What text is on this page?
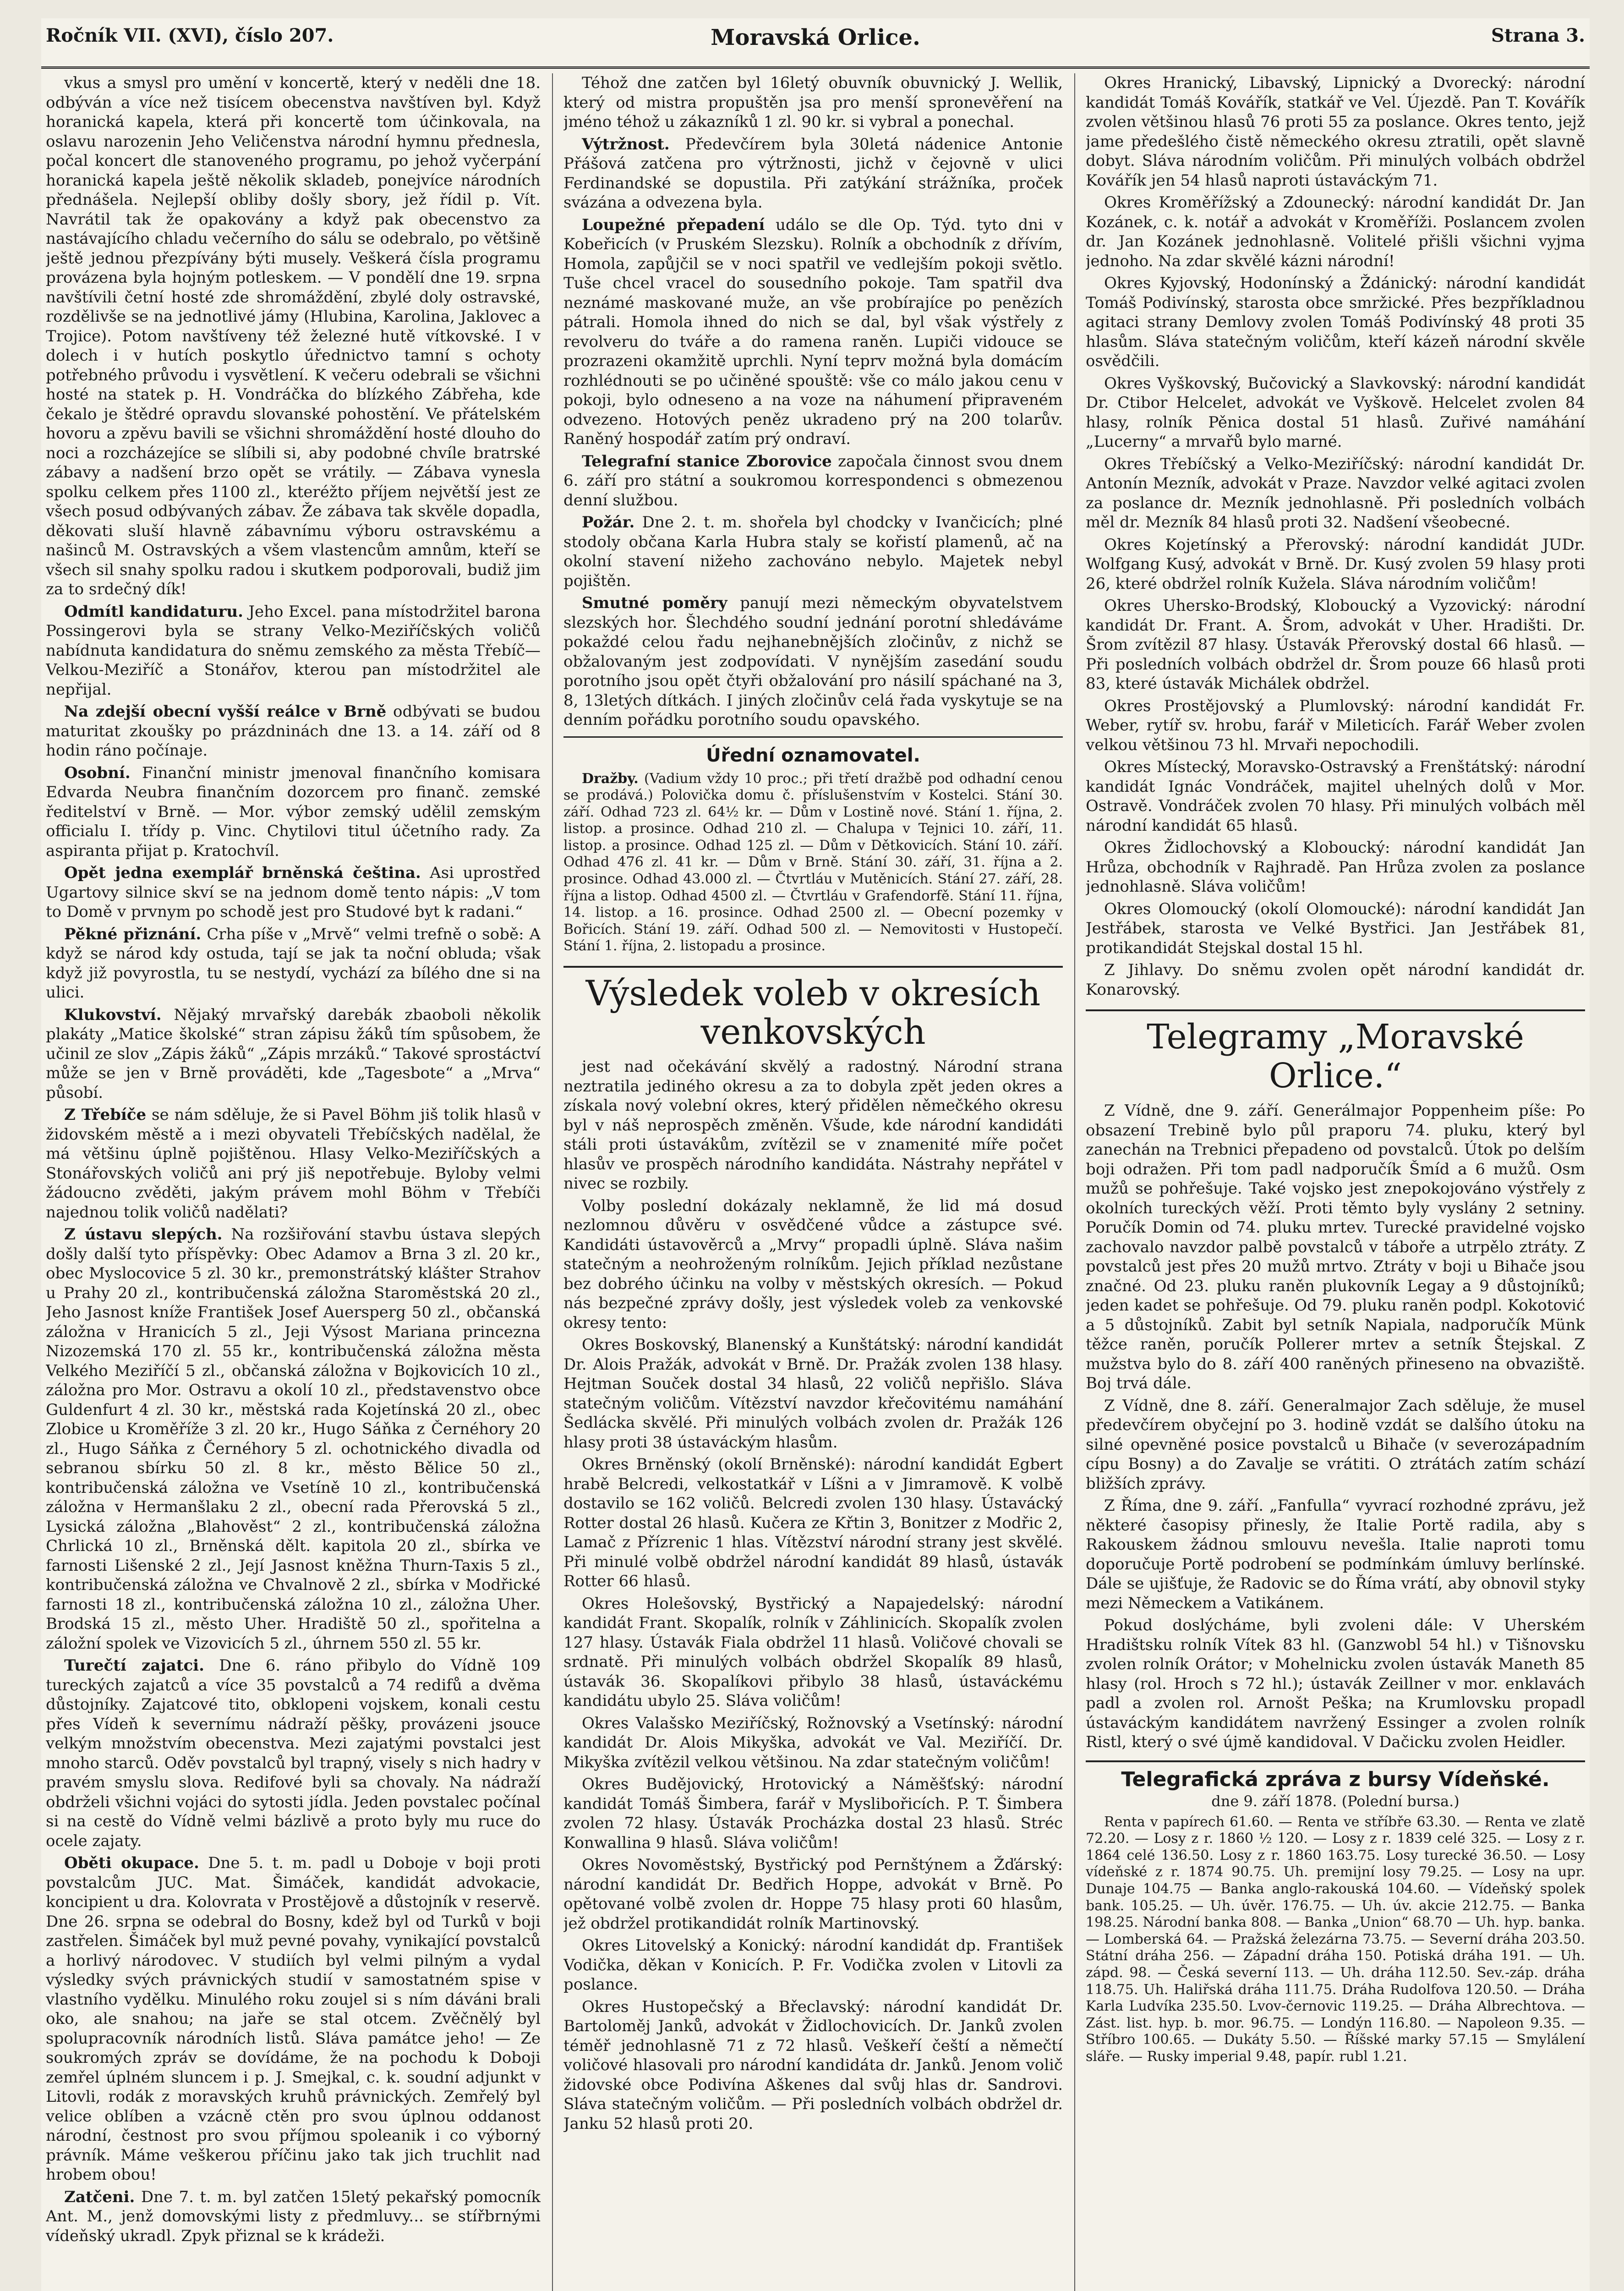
Ročník VII. (XVI), číslo 207.	Moravská Orlice.	Strana 3.

vkus a smysl pro umění v koncertě, který v neděli dne 18. odbýván a více než tisícem obecenstva navštíven byl. Když horanická kapela, která při koncertě tom účinkovala, na oslavu narozenin Jeho Veličenstva národní hymnu přednesla, počal koncert dle stanoveného programu, po jehož vyčerpání horanická kapela ještě několik skladeb, ponejvíce národních přednášela. Nejlepší obliby došly sbory, jež řídil p. Vít. Navrátil tak že opakovány a když pak obecenstvo za nastávajícího chladu večerního do sálu se odebralo, po většině ještě jednou přezpívány býti musely. Veškerá čísla programu provázena byla hojným potleskem. — V pondělí dne 19. srpna navštívili četní hosté zde shromáždění, zbylé doly ostravské, rozdělivše se na jednotlivé jámy (Hlubina, Karolina, Jaklovec a Trojice). Potom navštíveny též železné hutě vítkovské. I v dolech i v hutích poskytlo úřednictvo tamní s ochoty potřebného průvodu i vysvětlení. K večeru odebrali se všichni hosté na statek p. H. Vondráčka do blízkého Zábřeha, kde čekalo je štědré opravdu slovanské pohostění. Ve přátelském hovoru a zpěvu bavili se všichni shromáždění hosté dlouho do noci a rozcházejíce se slíbili si, aby podobné chvíle bratrské zábavy a nadšení brzo opět se vrátily. — Zábava vynesla spolku celkem přes 1100 zl., kteréžto příjem největší jest ze všech posud odbývaných zábav. Že zábava tak skvěle dopadla, děkovati sluší hlavně zábavnímu výboru ostravskému a našinců M. Ostravských a všem vlastencům amnům, kteří se všech sil snahy spolku radou i skutkem podporovali, budiž jim za to srdečný dík!

Odmítl kandidaturu. Jeho Excel. pana místodržitel barona Possingerovi byla se strany Velko-Meziříčských voličů nabídnuta kandidatura do sněmu zemského za města Třebíč—Velkou-Meziříč a Stonářov, kterou pan místodržitel ale nepřijal.

Na zdejší obecní vyšší reálce v Brně odbývati se budou maturitat zkoušky po prázdninách dne 13. a 14. září od 8 hodin ráno počínaje.

Osobní. Finanční ministr jmenoval finančního komisara Edvarda Neubra finančním dozorcem pro finanč. zemské ředitelství v Brně. — Mor. výbor zemský udělil zemským officialu I. třídy p. Vinc. Chytilovi titul účetního rady. Za aspiranta přijat p. Kratochvíl.

Opět jedna exemplář brněnská čeština. Asi uprostřed Ugartovy silnice skví se na jednom domě tento nápis: „V tom to Domě v prvnym po schodě jest pro Studové byt k radani.“

Pěkné přiznání. Crha píše v „Mrvě“ velmi trefně o sobě: A když se národ kdy ostuda, tají se jak ta noční obluda; však když již povyrostla, tu se nestydí, vychází za bílého dne si na ulici.

Klukovství. Nějaký mrvařský darebák zbaoboli několik plakáty „Matice školské“ stran zápisu žáků tím spůsobem, že učinil ze slov „Zápis žáků“ „Zápis mrzáků.“ Takové sprostáctví může se jen v Brně prováděti, kde „Tagesbote“ a „Mrva“ působí.

Z Třebíče se nám sděluje, že si Pavel Böhm jiš tolik hlasů v židovském městě a i mezi obyvateli Třebíčských nadělal, že má většinu úplně pojištěnou. Hlasy Velko-Meziříčských a Stonářovských voličů ani prý jiš nepotřebuje. Byloby velmi žádoucno zvěděti, jakým právem mohl Böhm v Třebíči najednou tolik voličů nadělati?

Z ústavu slepých. Na rozšiřování stavbu ústava slepých došly další tyto příspěvky: Obec Adamov a Brna 3 zl. 20 kr., obec Myslocovice 5 zl. 30 kr., premonstrátský klášter Strahov u Prahy 20 zl., kontribučenská záložna Staroměstská 20 zl., Jeho Jasnost kníže František Josef Auersperg 50 zl., občanská záložna v Hranicích 5 zl., Jeji Výsost Mariana princezna Nizozemská 170 zl. 55 kr., kontribučenská záložna města Velkého Meziříčí 5 zl., občanská záložna v Bojkovicích 10 zl., záložna pro Mor. Ostravu a okolí 10 zl., představenstvo obce Guldenfurt 4 zl. 30 kr., městská rada Kojetínská 20 zl., obec Zlobice u Kroměříže 3 zl. 20 kr., Hugo Sáňka z Černéhory 20 zl., Hugo Sáňka z Černéhory 5 zl. ochotnického divadla od sebranou sbírku 50 zl. 8 kr., město Bělice 50 zl., kontribučenská záložna ve Vsetíně 10 zl., kontribučenská záložna v Hermanšlaku 2 zl., obecní rada Přerovská 5 zl., Lysická záložna „Blahověst“ 2 zl., kontribučenská záložna Chrlická 10 zl., Brněnská dělt. kapitola 20 zl., sbírka ve farnosti Lišenské 2 zl., Její Jasnost kněžna Thurn-Taxis 5 zl., kontribučenská záložna ve Chvalnově 2 zl., sbírka v Modřické farnosti 18 zl., kontribučenská záložna 10 zl., záložna Uher. Brodská 15 zl., město Uher. Hradiště 50 zl., spořitelna a záložní spolek ve Vizovicích 5 zl., úhrnem 550 zl. 55 kr.

Turečtí zajatci. Dne 6. ráno přibylo do Vídně 109 tureckých zajatců a více 35 povstalců a 74 redifů a dvěma důstojníky. Zajatcové tito, obklopeni vojskem, konali cestu přes Vídeň k severnímu nádraží pěšky, provázeni jsouce velkým množstvím obecenstva. Mezi zajatými povstalci jest mnoho starců. Oděv povstalců byl trapný, visely s nich hadry v pravém smyslu slova. Redifové byli sa chovaly. Na nádraží obdrželi všichni vojáci do sytosti jídla. Jeden povstalec počínal si na cestě do Vídně velmi bázlivě a proto byly mu ruce do ocele zajaty.

Oběti okupace. Dne 5. t. m. padl u Doboje v boji proti povstalcům JUC. Mat. Šimáček, kandidát advokacie, koncipient u dra. Kolovrata v Prostějově a důstojník v reservě. Dne 26. srpna se odebral do Bosny, kdež byl od Turků v boji zastřelen. Šimáček byl muž pevné povahy, vynikající povstalců a horlivý národovec. V studiích byl velmi pilným a vydal výsledky svých právnických studií v samostatném spise v vlastního vydělku. Minulého roku zoujel si s ním dáváni brali oko, ale snahou; na jaře se stal otcem. Zvěčnělý byl spolupracovník národních listů. Sláva památce jeho! — Ze soukromých zpráv se dovídáme, že na pochodu k Doboji zemřel úplném sluncem i p. J. Smejkal, c. k. soudní adjunkt v Litovli, rodák z moravských kruhů právnických. Zemřelý byl velice oblíben a vzácně ctěn pro svou úplnou oddanost národní, čestnost pro svou příjmou spoleanik i co výborný právník. Máme veškerou příčinu jako tak jich truchlit nad hrobem obou!

Zatčeni. Dne 7. t. m. byl zatčen 15letý pekařský pomocník Ant. M., jenž domovskými listy z předmluvy... se stířbrnými vídeňský ukradl. Zpyk přiznal se k krádeži.

Téhož dne zatčen byl 16letý obuvník obuvnický J. Wellik, který od mistra propuštěn jsa pro menší spronevěření na jméno téhož u zákazníků 1 zl. 90 kr. si vybral a ponechal.

Výtržnost. Předevčírem byla 30letá nádenice Antonie Přášová zatčena pro výtržnosti, jichž v čejovně v ulici Ferdinandské se dopustila. Při zatýkání strážníka, proček svázána a odvezena byla.

Loupežné přepadení událo se dle Op. Týd. tyto dni v Kobeřicích (v Pruském Slezsku). Rolník a obchodník z dřívím, Homola, zapůjčil se v noci spatřil ve vedlejším pokoji světlo. Tuše chcel vracel do sousedního pokoje. Tam spatřil dva neznámé maskované muže, an vše probírajíce po penězích pátrali. Homola ihned do nich se dal, byl však výstřely z revolveru do tváře a do ramena raněn. Lupiči vidouce se prozrazeni okamžitě uprchli. Nyní teprv možná byla domácím rozhlédnouti se po učiněné spouště: vše co málo jakou cenu v pokoji, bylo odneseno a na voze na náhumení připraveném odvezeno. Hotových peněz ukradeno prý na 200 tolarův. Raněný hospodář zatím prý ondraví.

Telegrafní stanice Zborovice započala činnost svou dnem 6. září pro státní a soukromou korrespondenci s obmezenou denní službou.

Požár. Dne 2. t. m. shořela byl chodcky v Ivančicích; plné stodoly občana Karla Hubra staly se kořistí plamenů, ač na okolní stavení nižeho zachováno nebylo. Majetek nebyl pojištěn.

Smutné poměry panují mezi německým obyvatelstvem slezských hor. Šlechdého soudní jednání porotní shledáváme pokaždé celou řadu nejhanebnějších zločinův, z nichž se obžalovaným jest zodpovídati. V nynějším zasedání soudu porotního jsou opět čtyři obžalování pro násilí spáchané na 3, 8, 13letých dítkách. I jiných zločinův celá řada vyskytuje se na denním pořádku porotního soudu opavského.

Úřední oznamovatel.

Dražby. (Vadium vždy 10 proc.; při třetí dražbě pod odhadní cenou se prodává.) Polovička domu č. příslušenstvím v Kostelci. Stání 30. září. Odhad 723 zl. 64½ kr. — Dům v Lostině nové. Stání 1. října, 2. listop. a prosince. Odhad 210 zl. — Chalupa v Tejnici 10. září, 11. listop. a prosince. Odhad 125 zl. — Dům v Dětkovicích. Stání 10. září. Odhad 476 zl. 41 kr. — Dům v Brně. Stání 30. září, 31. října a 2. prosince. Odhad 43.000 zl. — Čtvrtláu v Mutěnicích. Stání 27. září, 28. října a listop. Odhad 4500 zl. — Čtvrtláu v Grafendorfě. Stání 11. října, 14. listop. a 16. prosince. Odhad 2500 zl. — Obecní pozemky v Bořicích. Stání 19. září. Odhad 500 zl. — Nemovitosti v Hustopečí. Stání 1. října, 2. listopadu a prosince.

Výsledek voleb v okresích venkovských

jest nad očekávání skvělý a radostný. Národní strana neztratila jediného okresu a za to dobyla zpět jeden okres a získala nový volební okres, který přidělen němečkého okresu byl v náš neprospěch změněn. Všude, kde národní kandidáti stáli proti ústavákům, zvítězil se v znamenité míře počet hlasův ve prospěch národního kandidáta. Nástrahy nepřátel v nivec se rozbily.

Volby poslední dokázaly neklamně, že lid má dosud nezlomnou důvěru v osvědčené vůdce a zástupce své. Kandidáti ústavověrců a „Mrvy“ propadli úplně. Sláva našim statečným a neohroženým rolníkům. Jejich příklad nezůstane bez dobrého účinku na volby v městských okresích. — Pokud nás bezpečné zprávy došly, jest výsledek voleb za venkovské okresy tento:

Okres Boskovský, Blanenský a Kunštátský: národní kandidát Dr. Alois Pražák, advokát v Brně. Dr. Pražák zvolen 138 hlasy. Hejtman Souček dostal 34 hlasů, 22 voličů nepřišlo. Sláva statečným voličům. Vítězství navzdor křečovitému namáhání Šedlácka skvělé. Při minulých volbách zvolen dr. Pražák 126 hlasy proti 38 ústaváckým hlasům.

Okres Brněnský (okolí Brněnské): národní kandidát Egbert hrabě Belcredi, velkostatkář v Líšni a v Jimramově. K volbě dostavilo se 162 voličů. Belcredi zvolen 130 hlasy. Ústavácký Rotter dostal 26 hlasů. Kučera ze Křtin 3, Bonitzer z Modřic 2, Lamač z Přízrenic 1 hlas. Vítězství národní strany jest skvělé. Při minulé volbě obdržel národní kandidát 89 hlasů, ústavák Rotter 66 hlasů.

Okres Holešovský, Bystřický a Napajedelský: národní kandidát Frant. Skopalík, rolník v Záhlinicích. Skopalík zvolen 127 hlasy. Ústavák Fiala obdržel 11 hlasů. Voličové chovali se srdnatě. Při minulých volbách obdržel Skopalík 89 hlasů, ústavák 36. Skopalíkovi přibylo 38 hlasů, ústaváckému kandidátu ubylo 25. Sláva voličům!

Okres Valašsko Meziříčský, Rožnovský a Vsetínský: národní kandidát Dr. Alois Mikyška, advokát ve Val. Meziříčí. Dr. Mikyška zvítězil velkou většinou. Na zdar statečným voličům!

Okres Budějovický, Hrotovický a Náměšťský: národní kandidát Tomáš Šimbera, farář v Myslibořicích. P. T. Šimbera zvolen 72 hlasy. Ústavák Procházka dostal 23 hlasů. Stréc Konwallina 9 hlasů. Sláva voličům!

Okres Novoměstský, Bystřický pod Pernštýnem a Žďárský: národní kandidát Dr. Bedřich Hoppe, advokát v Brně. Po opětované volbě zvolen dr. Hoppe 75 hlasy proti 60 hlasům, jež obdržel protikandidát rolník Martinovský.

Okres Litovelský a Konický: národní kandidát dp. František Vodička, děkan v Konicích. P. Fr. Vodička zvolen v Litovli za poslance.

Okres Hustopečský a Břeclavský: národní kandidát Dr. Bartoloměj Janků, advokát v Židlochovicích. Dr. Janků zvolen téměř jednohlasně 71 z 72 hlasů. Veškeří čeští a němečtí voličové hlasovali pro národní kandidáta dr. Janků. Jenom volič židovské obce Podivína Aškenes dal svůj hlas dr. Sandrovi. Sláva statečným voličům. — Při posledních volbách obdržel dr. Janku 52 hlasů proti 20.

Okres Hranický, Libavský, Lipnický a Dvorecký: národní kandidát Tomáš Kovářík, statkář ve Vel. Újezdě. Pan T. Kovářík zvolen většinou hlasů 76 proti 55 za poslance. Okres tento, jejž jame předešlého čistě německého okresu ztratili, opět slavně dobyt. Sláva národním voličům. Při minulých volbách obdržel Kovářík jen 54 hlasů naproti ústaváckým 71.

Okres Kroměřížský a Zdounecký: národní kandidát Dr. Jan Kozánek, c. k. notář a advokát v Kroměříži. Poslancem zvolen dr. Jan Kozánek jednohlasně. Volitelé přišli všichni vyjma jednoho. Na zdar skvělé kázni národní!

Okres Kyjovský, Hodonínský a Ždánický: národní kandidát Tomáš Podivínský, starosta obce smržické. Přes bezpříkladnou agitaci strany Demlovy zvolen Tomáš Podivínský 48 proti 35 hlasům. Sláva statečným voličům, kteří kázeň národní skvěle osvědčili.

Okres Vyškovský, Bučovický a Slavkovský: národní kandidát Dr. Ctibor Helcelet, advokát ve Vyškově. Helcelet zvolen 84 hlasy, rolník Pěnica dostal 51 hlasů. Zuřivé namáhání „Lucerny“ a mrvařů bylo marné.

Okres Třebíčský a Velko-Meziříčský: národní kandidát Dr. Antonín Mezník, advokát v Praze. Navzdor velké agitaci zvolen za poslance dr. Mezník jednohlasně. Při posledních volbách měl dr. Mezník 84 hlasů proti 32. Nadšení všeobecné.

Okres Kojetínský a Přerovský: národní kandidát JUDr. Wolfgang Kusý, advokát v Brně. Dr. Kusý zvolen 59 hlasy proti 26, které obdržel rolník Kužela. Sláva národním voličům!

Okres Uhersko-Brodský, Kloboucký a Vyzovický: národní kandidát Dr. Frant. A. Šrom, advokát v Uher. Hradišti. Dr. Šrom zvítězil 87 hlasy. Ústavák Přerovský dostal 66 hlasů. — Při posledních volbách obdržel dr. Šrom pouze 66 hlasů proti 83, které ústavák Michálek obdržel.

Okres Prostějovský a Plumlovský: národní kandidát Fr. Weber, rytíř sv. hrobu, farář v Mileticích. Farář Weber zvolen velkou většinou 73 hl. Mrvaři nepochodili.

Okres Místecký, Moravsko-Ostravský a Frenštátský: národní kandidát Ignác Vondráček, majitel uhelných dolů v Mor. Ostravě. Vondráček zvolen 70 hlasy. Při minulých volbách měl národní kandidát 65 hlasů.

Okres Židlochovský a Kloboucký: národní kandidát Jan Hrůza, obchodník v Rajhradě. Pan Hrůza zvolen za poslance jednohlasně. Sláva voličům!

Okres Olomoucký (okolí Olomoucké): národní kandidát Jan Jestřábek, starosta ve Velké Bystřici. Jan Jestřábek 81, protikandidát Stejskal dostal 15 hl.

Z Jihlavy. Do sněmu zvolen opět národní kandidát dr. Konarovský.

Telegramy „Moravské Orlice.“

Z Vídně, dne 9. září. Generálmajor Poppenheim píše: Po obsazení Trebině bylo půl praporu 74. pluku, který byl zanechán na Trebnici přepadeno od povstalců. Útok po delším boji odražen. Při tom padl nadporučík Šmíd a 6 mužů. Osm mužů se pohřešuje. Také vojsko jest znepokojováno výstřely z okolních tureckých věží. Proti těmto byly vyslány 2 setniny. Poručík Domin od 74. pluku mrtev. Turecké pravidelné vojsko zachovalo navzdor palbě povstalců v táboře a utrpělo ztráty. Z povstalců jest přes 20 mužů mrtvo. Ztráty v boji u Bihače jsou značné. Od 23. pluku raněn plukovník Legay a 9 důstojníků; jeden kadet se pohřešuje. Od 79. pluku raněn podpl. Kokotović a 5 důstojníků. Zabit byl setník Napiala, nadporučík Münk těžce raněn, poručík Pollerer mrtev a setník Štejskal. Z mužstva bylo do 8. září 400 raněných přineseno na obvaziště. Boj trvá dále.

Z Vídně, dne 8. září. Generalmajor Zach sděluje, že musel předevčírem obyčejní po 3. hodině vzdát se dalšího útoku na silné opevněné posice povstalců u Bihače (v severozápadním cípu Bosny) a do Zavalje se vrátiti. O ztrátách zatím schází bližších zprávy.

Z Říma, dne 9. září. „Fanfulla“ vyvrací rozhodné zprávu, jež některé časopisy přinesly, že Italie Portě radila, aby s Rakouskem žádnou smlouvu nevešla. Italie naproti tomu doporučuje Portě podrobení se podmínkám úmluvy berlínské. Dále se ujišťuje, že Radovic se do Říma vrátí, aby obnovil styky mezi Německem a Vatikánem.

Pokud doslýcháme, byli zvoleni dále: V Uherském Hradištsku rolník Vítek 83 hl. (Ganzwobl 54 hl.) v Tišnovsku zvolen rolník Orátor; v Mohelnicku zvolen ústavák Maneth 85 hlasy (rol. Hroch s 72 hl.); ústavák Zeillner v mor. enklavách padl a zvolen rol. Arnošt Peška; na Krumlovsku propadl ústaváckým kandidátem navržený Essinger a zvolen rolník Ristl, který o své újmě kandidoval. V Dačicku zvolen Heidler.

Telegrafická zpráva z bursy Vídeňské.
dne 9. září 1878. (Polední bursa.)

Renta v papírech 61.60. — Renta ve stříbře 63.30. — Renta ve zlatě 72.20. — Losy z r. 1860 ½ 120. — Losy z r. 1839 celé 325. — Losy z r. 1864 celé 136.50. Losy z r. 1860 163.75. Losy turecké 36.50. — Losy vídeňské z r. 1874 90.75. Uh. premijní losy 79.25. — Losy na upr. Dunaje 104.75 — Banka anglo-rakouská 104.60. — Vídeňský spolek bank. 105.25. — Uh. úvěr. 176.75. — Uh. úv. akcie 212.75. — Banka 198.25. Národní banka 808. — Banka „Union“ 68.70 — Uh. hyp. banka. — Lomberská 64. — Pražská železárna 73.75. — Severní dráha 203.50. Státní dráha 256. — Západní dráha 150. Potiská dráha 191. — Uh. zápd. 98. — Česká severní 113. — Uh. dráha 112.50. Sev.-záp. dráha 118.75. Uh. Haliřská dráha 111.75. Dráha Rudolfova 120.50. — Dráha Karla Ludvíka 235.50. Lvov-černovic 119.25. — Dráha Albrechtova. — Zást. list. hyp. b. mor. 96.75. — Londýn 116.80. — Napoleon 9.35. — Stříbro 100.65. — Dukáty 5.50. — Říšské marky 57.15 — Smylálení sláře. — Rusky imperial 9.48, papír. rubl 1.21.
